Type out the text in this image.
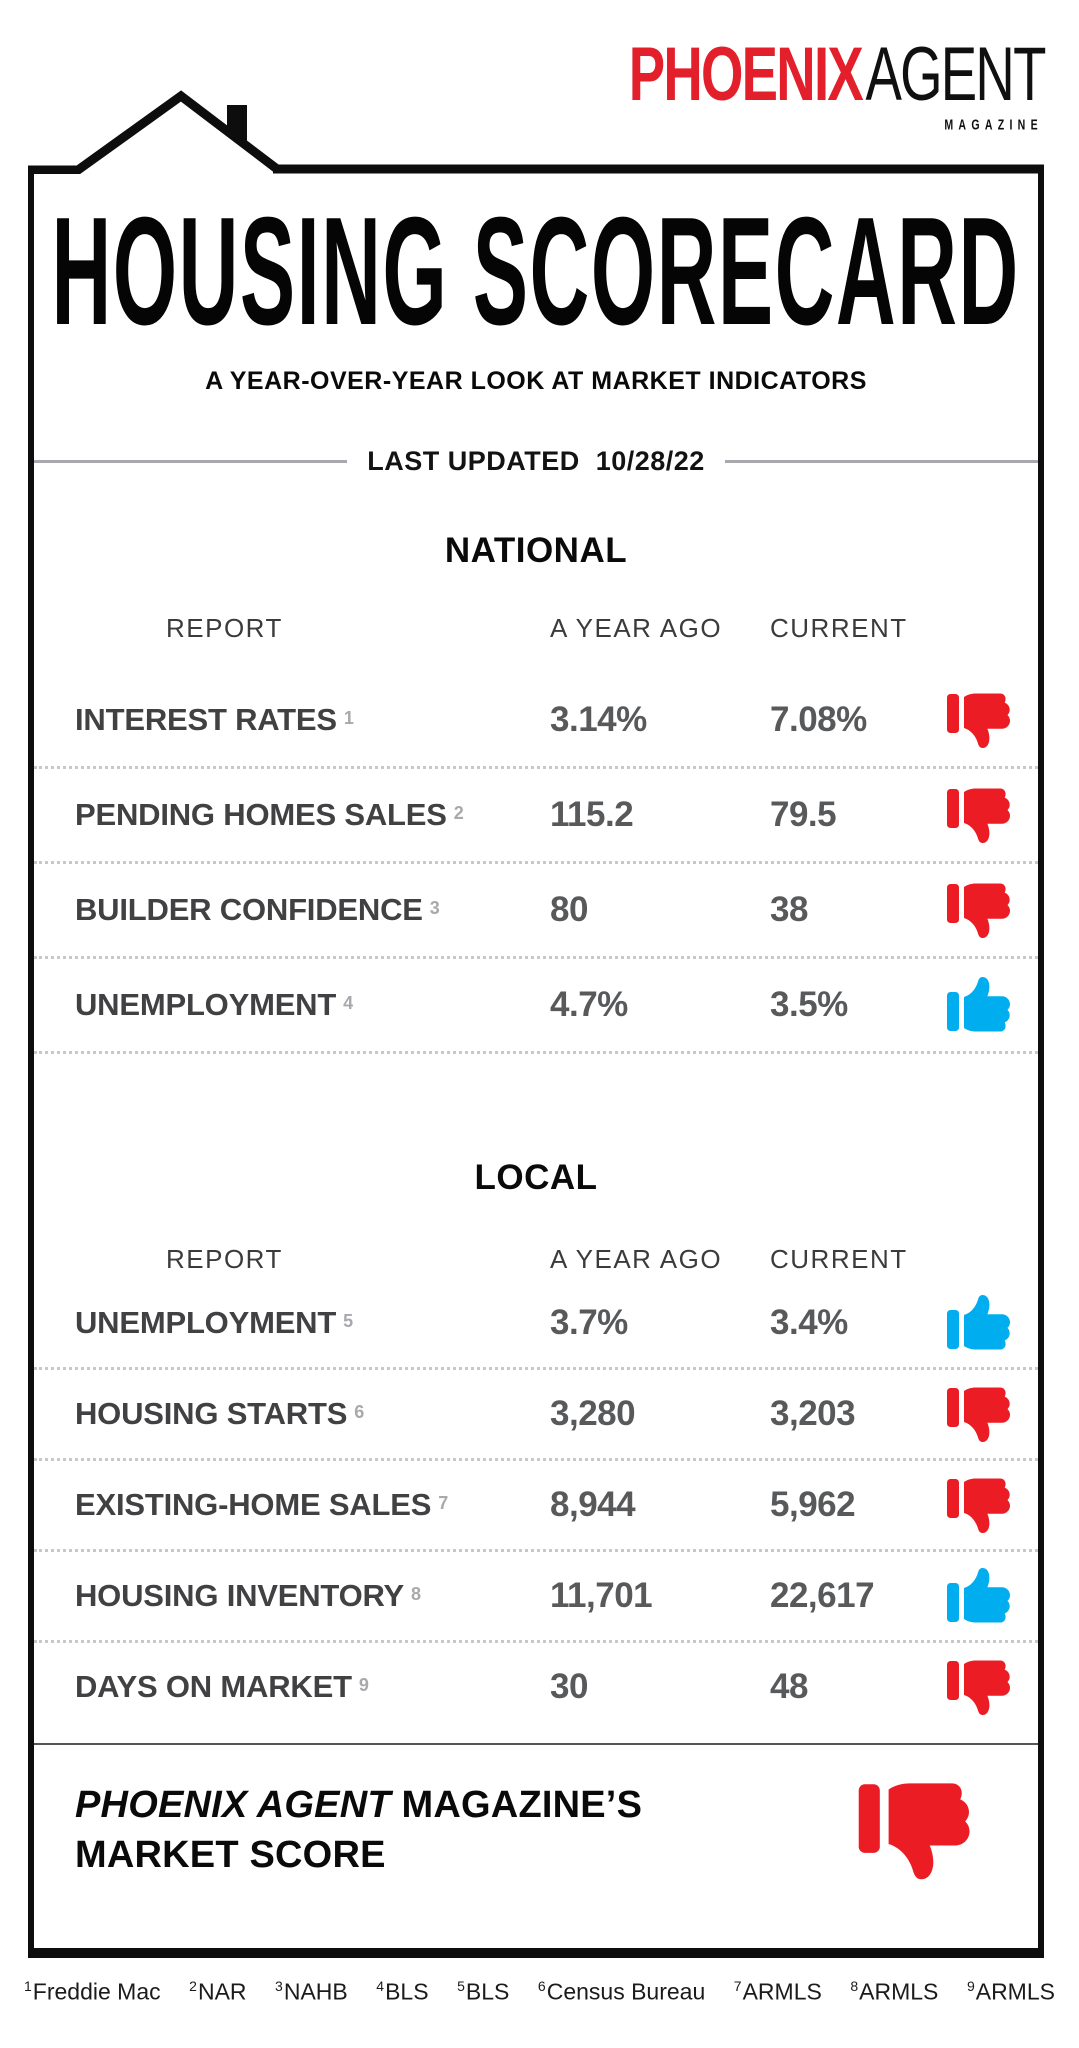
PHOENIXAGENT
MAGAZINE
HOUSING SCORECARD
A YEAR-OVER-YEAR LOOK AT MARKET INDICATORS
LAST UPDATED 10/28/22
NATIONAL
REPORT	A YEAR AGO	CURRENT
INTEREST RATES 1	3.14%	7.08%
PENDING HOMES SALES 2	115.2	79.5
BUILDER CONFIDENCE 3	80	38
UNEMPLOYMENT 4	4.7%	3.5%
LOCAL
REPORT	A YEAR AGO	CURRENT
UNEMPLOYMENT 5	3.7%	3.4%
HOUSING STARTS 6	3,280	3,203
EXISTING-HOME SALES 7	8,944	5,962
HOUSING INVENTORY 8	11,701	22,617
DAYS ON MARKET 9	30	48
PHOENIX AGENT MAGAZINE’S
MARKET SCORE
$^1$Freddie Mac $^2$NAR $^3$NAHB $^4$BLS $^5$BLS $^6$Census Bureau $^7$ARMLS $^8$ARMLS $^9$ARMLS
